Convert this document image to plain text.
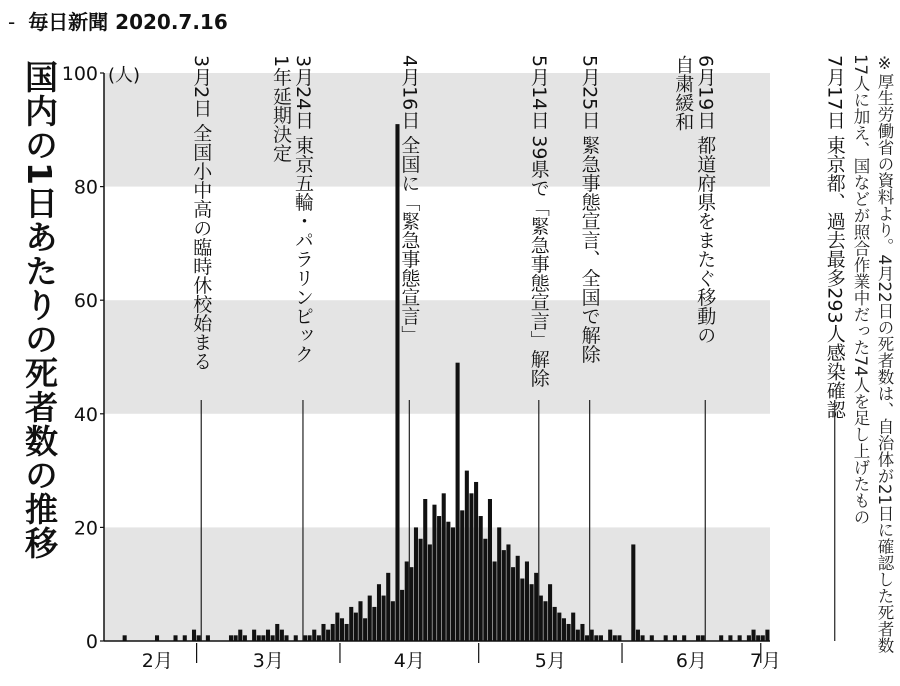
- 毎日新聞 2020.7.16
国内の1日あたりの死者数の推移
0
20
40
60
80
100 (人)
2月	3月	4月	5月	6月 7月
3月2日 全国小中高の臨時休校始まる	3月24日 東京五輪・パラリンピック
1年延期決定	4月16日 全国に「緊急事態宣言」	5月14日 39県で「緊急事態宣言」解除 5月25日 緊急事態宣言、全国で解除	6月19日 都道府県をまたぐ移動の
自粛緩和	7月17日 東京都、過去最多293人感染確認	※厚生労働省の資料より。4月22日の死者数は、自治体が21日に確認した死者数17人に加え、国などが照合作業中だった74人を足し上げたもの
